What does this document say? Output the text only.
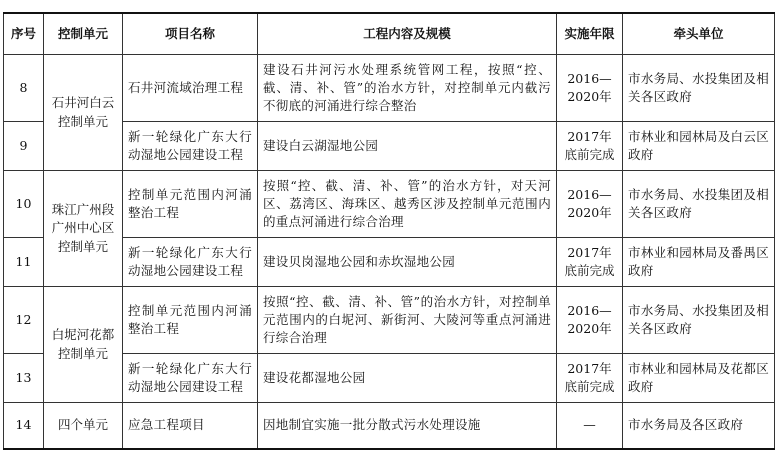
序号	控制单元	项目名称	工程内容及规模	实施年限	牵头单位
8	石井河白云控制单元	石井河流域治理工程	建设石井河污水处理系统管网工程，按照“控、截、清、补、管”的治水方针，对控制单元内截污不彻底的河涌进行综合整治	2016—2020年	市水务局、水投集团及相关各区政府
9		新一轮绿化广东大行动湿地公园建设工程	建设白云湖湿地公园	2017年底前完成	市林业和园林局及白云区政府
10	珠江广州段广州中心区控制单元	控制单元范围内河涌整治工程	按照“控、截、清、补、管”的治水方针，对天河区、荔湾区、海珠区、越秀区涉及控制单元范围内的重点河涌进行综合治理	2016—2020年	市水务局、水投集团及相关各区政府
11		新一轮绿化广东大行动湿地公园建设工程	建设贝岗湿地公园和赤坎湿地公园	2017年底前完成	市林业和园林局及番禺区政府
12	白坭河花都控制单元	控制单元范围内河涌整治工程	按照“控、截、清、补、管”的治水方针，对控制单元范围内的白坭河、新街河、大陵河等重点河涌进行综合治理	2016—2020年	市水务局、水投集团及相关各区政府
13		新一轮绿化广东大行动湿地公园建设工程	建设花都湿地公园	2017年底前完成	市林业和园林局及花都区政府
14	四个单元	应急工程项目	因地制宜实施一批分散式污水处理设施	—	市水务局及各区政府
